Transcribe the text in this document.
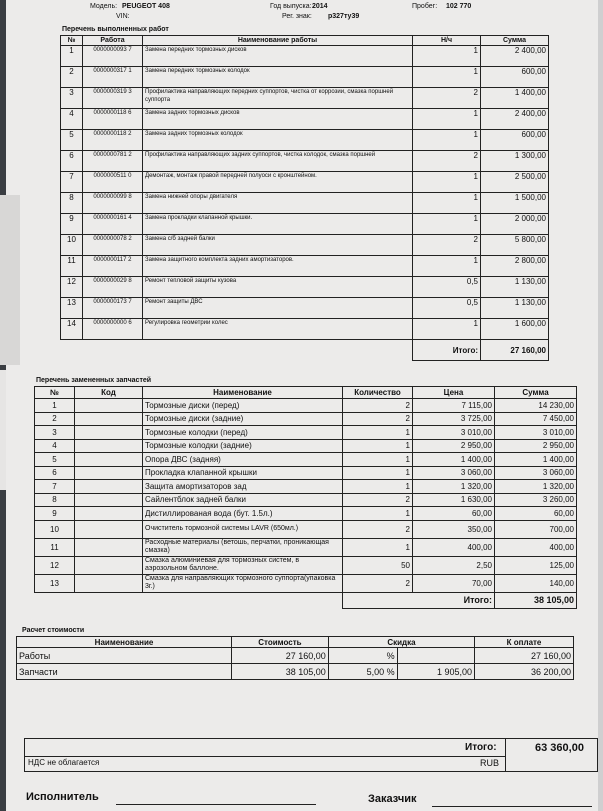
Модель: PEUGEOT 408	Год выпуска: 2014	Пробег: 102 770
VIN:	Рег. знак: р327ту39
Перечень выполненных работ
№	Работа	Наименование работы	Н/ч	Сумма
1	0000000093 7	Замена передних тормозных дисков	1	2 400,00
2	0000000317 1	Замена передних тормозных колодок	1	600,00
3	0000000319 3	Профилактика направляющих передних суппортов, чистка от коррозии, смазка поршней суппорта	2	1 400,00
4	0000000118 6	Замена задних тормозных дисков	1	2 400,00
5	0000000118 2	Замена задних тормозных колодок	1	600,00
6	0000000781 2	Профилактика направляющих задних суппортов, чистка колодок, смазка поршней	2	1 300,00
7	0000000511 0	Демонтаж, монтаж правой передней полуоси с кронштейном.	1	2 500,00
8	0000000099 8	Замена нижней опоры двигателя	1	1 500,00
9	0000000161 4	Замена прокладки клапанной крышки.	1	2 000,00
10	0000000078 2	Замена с/б задней балки	2	5 800,00
11	0000000117 2	Замена защитного комплекта задних амортизаторов.	1	2 800,00
12	0000000029 8	Ремонт тепловой защиты кузова	0,5	1 130,00
13	0000000173 7	Ремонт защиты ДВС	0,5	1 130,00
14	0000000000 6	Регулировка геометрии колес	1	1 600,00
			Итого:	27 160,00
Перечень замененных запчастей
№	Код	Наименование	Количество	Цена	Сумма
1		Тормозные диски (перед)	2	7 115,00	14 230,00
2		Тормозные диски (задние)	2	3 725,00	7 450,00
3		Тормозные колодки (перед)	1	3 010,00	3 010,00
4		Тормозные колодки (задние)	1	2 950,00	2 950,00
5		Опора ДВС (задняя)	1	1 400,00	1 400,00
6		Прокладка клапанной крышки	1	3 060,00	3 060,00
7		Защита амортизаторов зад	1	1 320,00	1 320,00
8		Сайлентблок задней балки	2	1 630,00	3 260,00
9		Дистиллированая вода (бут. 1.5л.)	1	60,00	60,00
10		Очиститель тормозной системы LAVR (650мл.)	2	350,00	700,00
11		Расходные материалы (ветошь, перчатки, проникающая смазка)	1	400,00	400,00
12		Смазка алюминиевая для тормозных систем, в аэрозольном баллоне.	50	2,50	125,00
13		Смазка для направляющих тормозного суппорта(упаковка 3г.)	2	70,00	140,00
			Итого:		38 105,00
Расчет стоимости
Наименование	Стоимость	Скидка		К оплате
Работы	27 160,00	%		27 160,00
Запчасти	38 105,00	5,00 %	1 905,00	36 200,00
НДС не облагается
Итого:
RUB
63 360,00
Исполнитель	Заказчик
